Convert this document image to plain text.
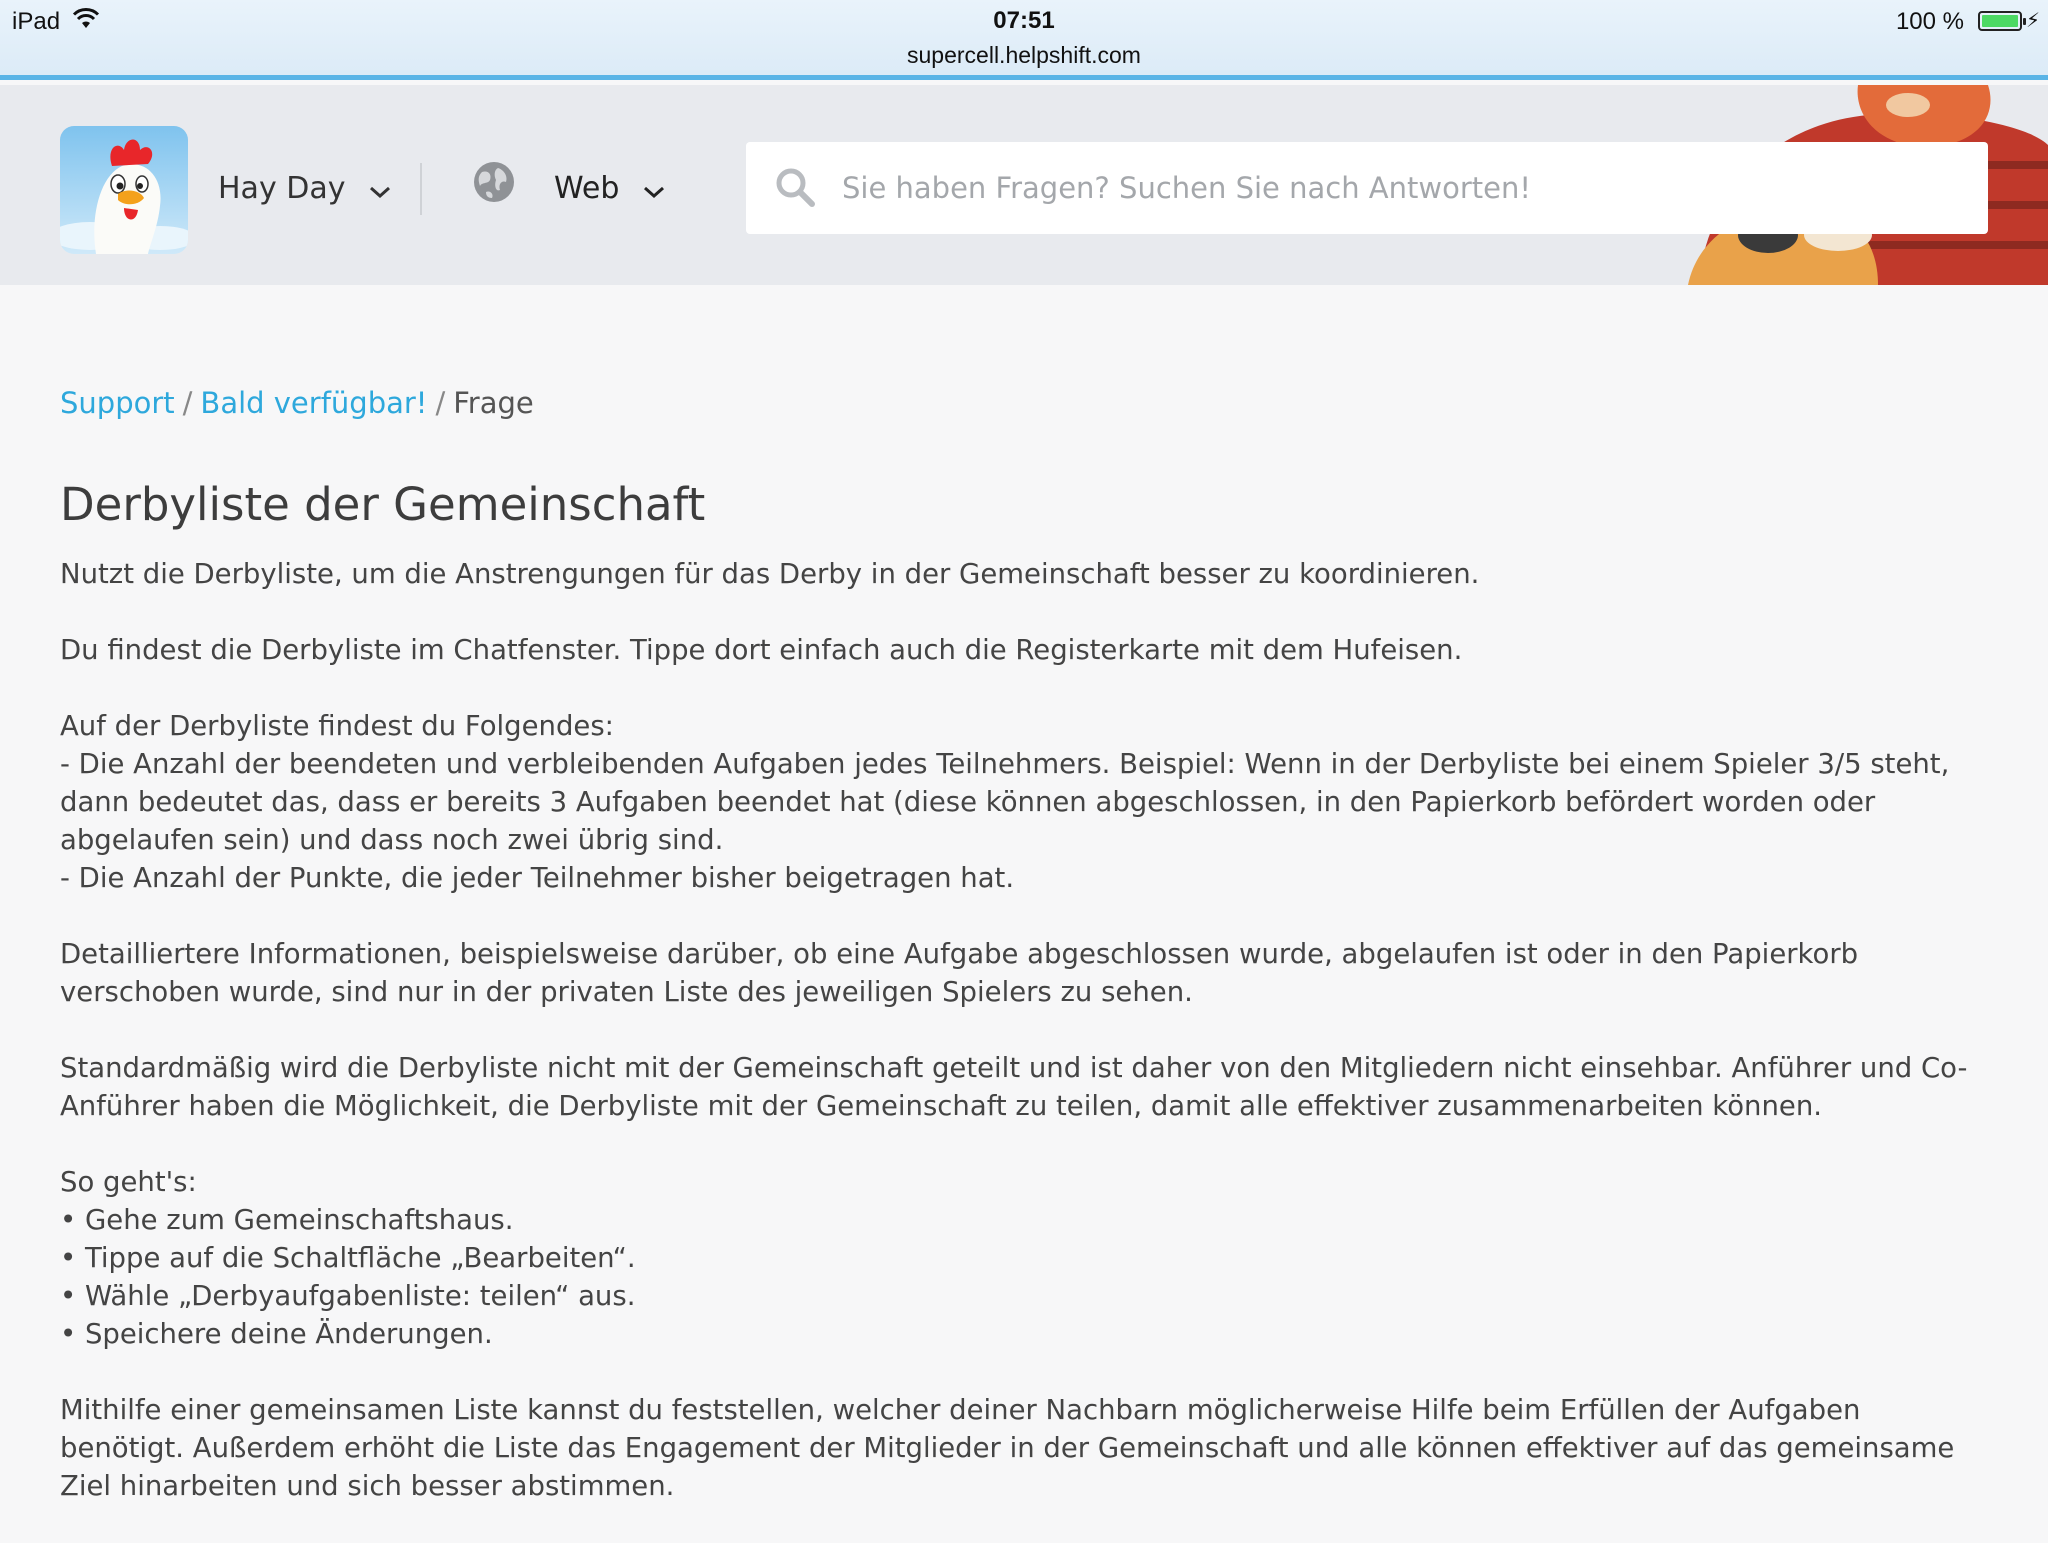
iPad	07:51
supercell.helpshift.com
100 %	⚡
Hay Day	Web
Sie haben Fragen? Suchen Sie nach Antworten!
Support / Bald verfügbar! / Frage
Derbyliste der Gemeinschaft

Nutzt die Derbyliste, um die Anstrengungen für das Derby in der Gemeinschaft besser zu koordinieren.

Du findest die Derbyliste im Chatfenster. Tippe dort einfach auch die Registerkarte mit dem Hufeisen.

Auf der Derbyliste findest du Folgendes:
- Die Anzahl der beendeten und verbleibenden Aufgaben jedes Teilnehmers. Beispiel: Wenn in der Derbyliste bei einem Spieler 3/5 steht, dann bedeutet das, dass er bereits 3 Aufgaben beendet hat (diese können abgeschlossen, in den Papierkorb befördert worden oder abgelaufen sein) und dass noch zwei übrig sind.
- Die Anzahl der Punkte, die jeder Teilnehmer bisher beigetragen hat.

Detailliertere Informationen, beispielsweise darüber, ob eine Aufgabe abgeschlossen wurde, abgelaufen ist oder in den Papierkorb verschoben wurde, sind nur in der privaten Liste des jeweiligen Spielers zu sehen.

Standardmäßig wird die Derbyliste nicht mit der Gemeinschaft geteilt und ist daher von den Mitgliedern nicht einsehbar. Anführer und Co-Anführer haben die Möglichkeit, die Derbyliste mit der Gemeinschaft zu teilen, damit alle effektiver zusammenarbeiten können.

So geht's:
• Gehe zum Gemeinschaftshaus.
• Tippe auf die Schaltfläche „Bearbeiten“.
• Wähle „Derbyaufgabenliste: teilen“ aus.
• Speichere deine Änderungen.

Mithilfe einer gemeinsamen Liste kannst du feststellen, welcher deiner Nachbarn möglicherweise Hilfe beim Erfüllen der Aufgaben benötigt. Außerdem erhöht die Liste das Engagement der Mitglieder in der Gemeinschaft und alle können effektiver auf das gemeinsame Ziel hinarbeiten und sich besser abstimmen.
